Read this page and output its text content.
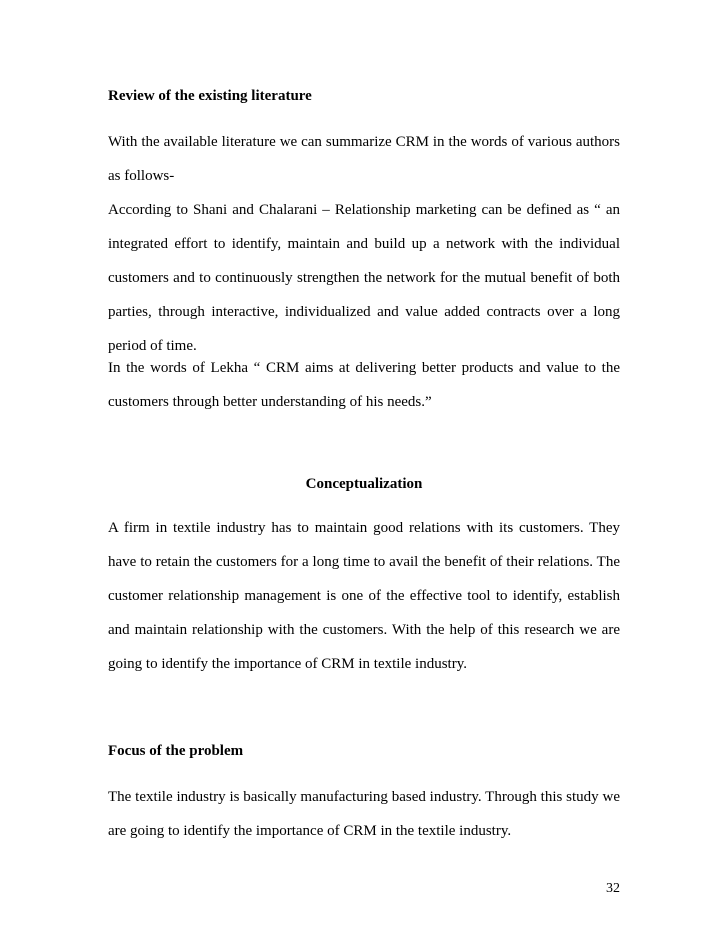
Review of the existing literature

With the available literature we can summarize CRM in the words of various authors as follows-

According to Shani and Chalarani – Relationship marketing can be defined as “ an integrated effort to identify, maintain and build up a network with the individual customers and to continuously strengthen the network for the mutual benefit of both parties, through interactive, individualized and value added contracts over a long period of time.

In the words of Lekha “ CRM aims at delivering better products and value to the customers through better understanding of his needs.”

Conceptualization

A firm in textile industry has to maintain good relations with its customers. They have to retain the customers for a long time to avail the benefit of their relations. The customer relationship management is one of the effective tool to identify, establish and maintain relationship with the customers. With the help of this research we are going to identify the importance of CRM in textile industry.

Focus of the problem

The textile industry is basically manufacturing based industry. Through this study we are going to identify the importance of CRM in the textile industry.

32
